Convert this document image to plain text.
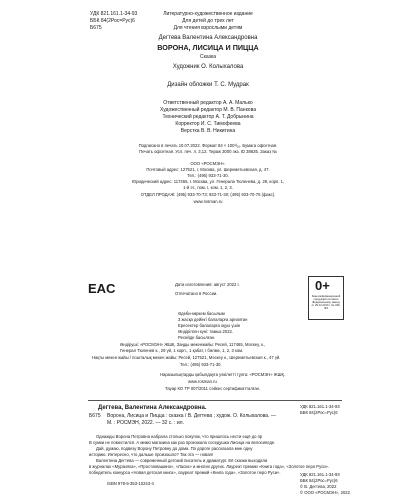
УДК 821.161.1-34-93
ББК 84(2Рос=Рус)6
Б675
Литературно-художественное издание
Для детей до трех лет
Для чтения взрослыми детям
Дегтева Валентина Александровна
ВОРОНА, ЛИСИЦА И ПИЦЦА
Сказка
Художник О. Колыхалова
Дизайн обложки Т. С. Мудрак
Ответственный редактор А. А. Малько
Художественный редактор М. В. Панкова
Технический редактор А. Т. Добрынина
Корректор И. С. Тимофеева
Верстка В. В. Никитина
Подписано в печать 10.07.2022. Формат 84 × 100¹/₁₆. Бумага офсетная.
Печать офсетная. Усл. печ. л. 3,12. Тираж 3000 экз. ID 38635. Заказ №
ООО «РОСМЭН».
Почтовый адрес: 127521, г. Москва, ул. Шереметьевская, д. 47.
Тел.: (495) 933-71-30.
Юридический адрес: 117465, г. Москва, ул. Генерала Тюленева, д. 29, корп. 1,
1-й эт., пом. I, ком. 1, 2, 3.
ОТДЕЛ ПРОДАЖ: (495) 933-70-73; 933-71-30; (495) 933-70-75 (факс).
www.rosman.ru
EAC	Дата изготовления: август 2022 г.
Отпечатано в России.
0+
Знак информационной продукции согласно Федеральному закону от 29.12.2010 г. № 436-ФЗ
Әдеби-көркем басылым
3 жасқа дейінгі балаларға арналған
Ересектер балаларға оқуы үшін
Өндірілген күні: тамыз 2022.
Ресейде басылған.
Өндіруші: «РОСМЭН» ЖШҚ. Заңды мекенжайы: Ресей, 117465, Мәскеу, к.,
Генерал Тюленев к., 29 үй, 1 корп., 1 қабат, I бөлме, 1, 2, 3 ком.
Нақты мекен жайы / пошталық мекен жайы: Ресей, 127521, Мәскеу к., Шереметьевская к., 47 үй.
Тел.: (495) 933-71-30.
Наразылықтарды қабылдауға уәкілетті тұлға: «РОСМЭН» ЖШҚ.
www.rosman.ru
Тауар КО ТР 007/2011 сәйкес сертификатталған.
Дегтева, Валентина Александровна.	УДК 821.161.1-34-93
ББК 84(2Рос=Рус)6
Б675 Ворона, Лисица и Пицца : сказка / В. Дегтева ; худож. О. Колыхалова. —
М. : РОСМЭН, 2022. — 32 с. : ил.
Однажды Ворона Петровна набрала столько покупок, что пришлось нести ещё до пр
В сумки не поместился. А мимо магазина как раз проезжала соседушка Лисица на велосипеде.
Дай, думаю, подвезу Ворону Петровну до дома. По дороге рассказала мне одну
историю. Интересно, что дальше произошло? Так эта — новая!
Валентина Дегтева — современный детский писатель и драматург. Её сказки выходили
в журналах «Мурзилка», «Простоквашино», «Ласка» и многих других. Лауреат премии «Книга года», «Золотое перо Руси».
победитель конкурса «Новая детская книга», лауреат премий «Книга года», «Золотое перо Руси».
ISBN 978-5-353-10243-4
УДК 821.161.1-34-93
ББК 84(2Рос=Рус)6
© В. Дегтева, 2022
© ООО «РОСМЭН», 2022
